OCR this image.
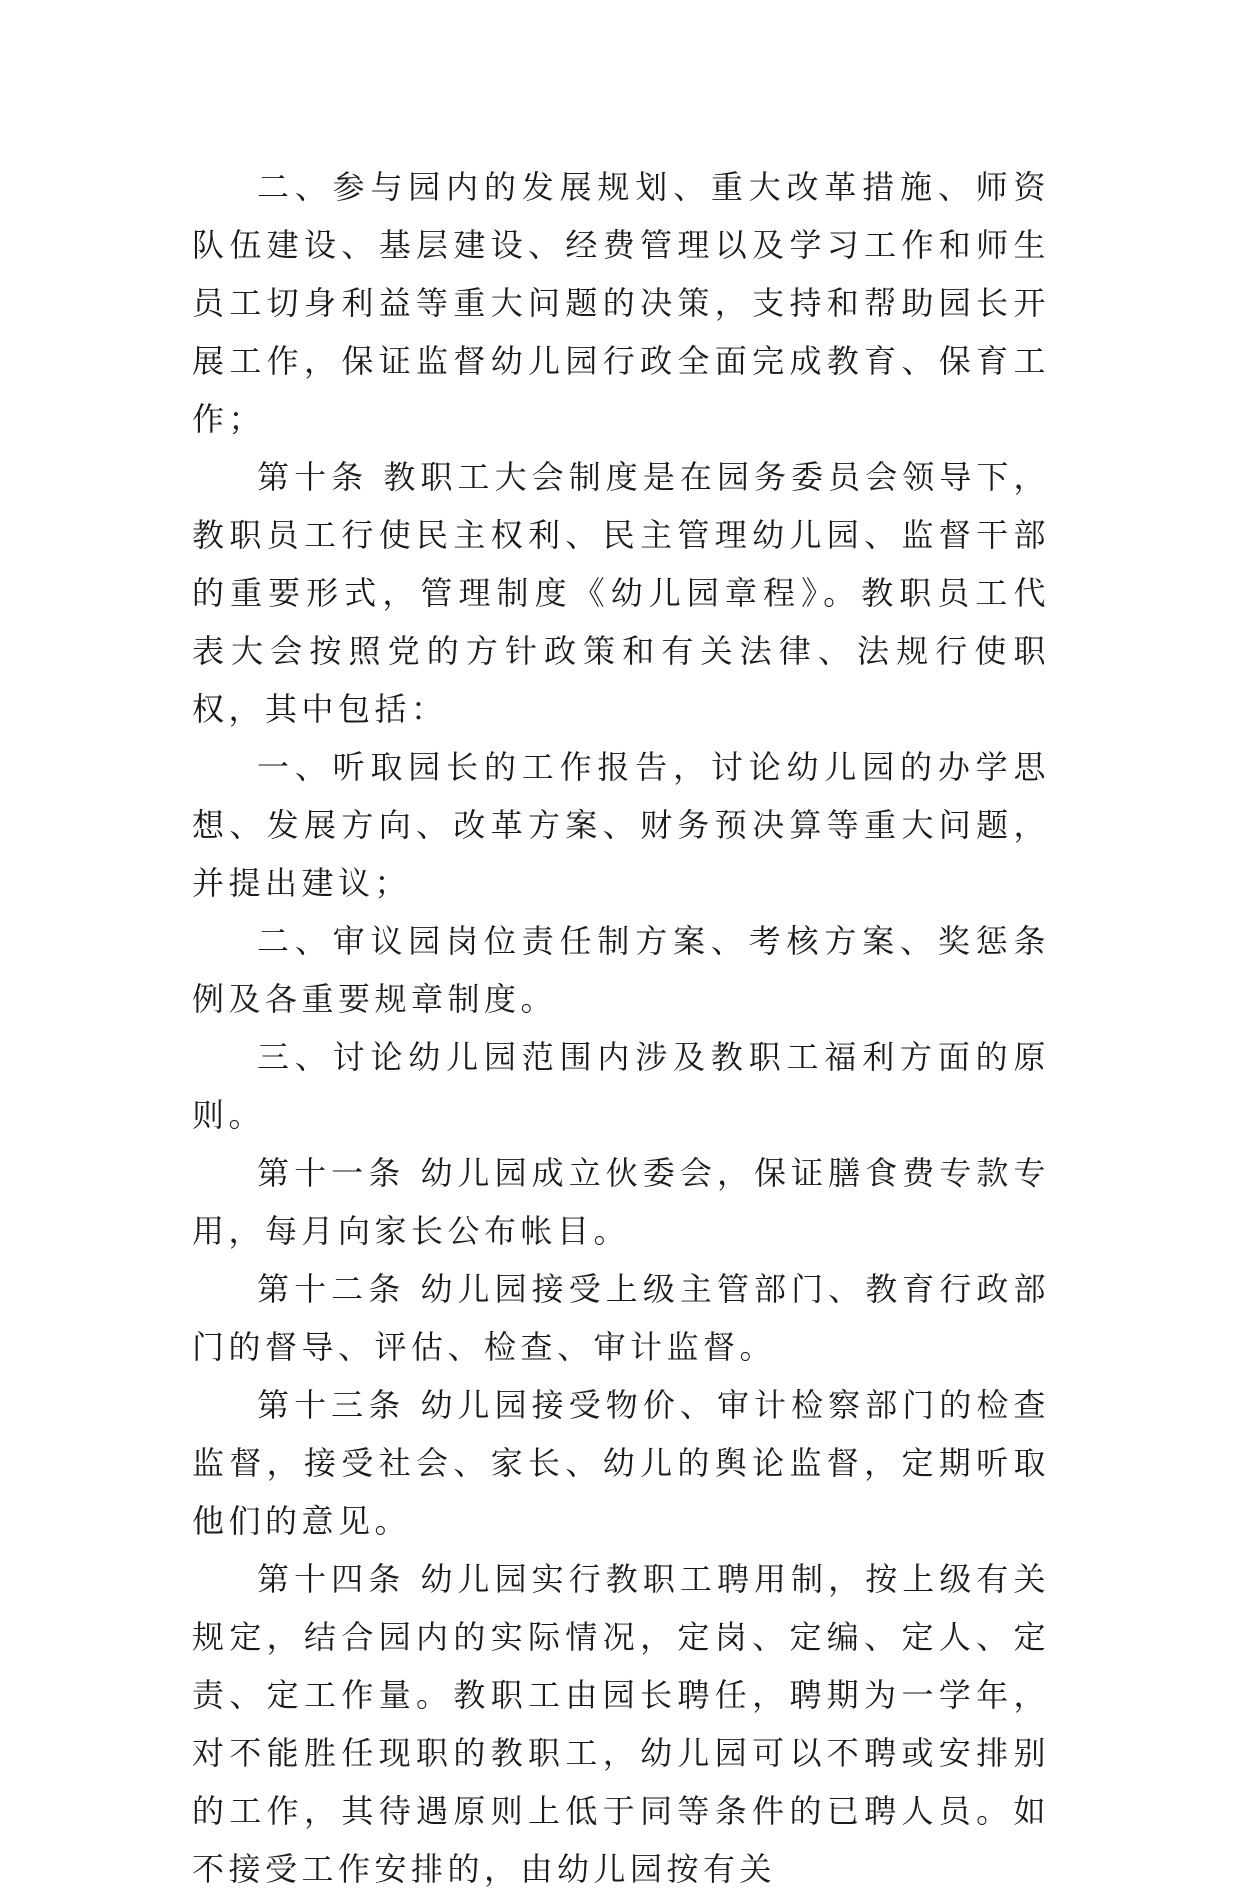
二、参与园内的发展规划、重大改革措施、师资队伍建设、基层建设、经费管理以及学习工作和师生员工切身利益等重大问题的决策，支持和帮助园长开展工作，保证监督幼儿园行政全面完成教育、保育工作；

第十条 教职工大会制度是在园务委员会领导下，教职员工行使民主权利、民主管理幼儿园、监督干部的重要形式，管理制度《幼儿园章程》。教职员工代表大会按照党的方针政策和有关法律、法规行使职权，其中包括：

一、听取园长的工作报告，讨论幼儿园的办学思想、发展方向、改革方案、财务预决算等重大问题，并提出建议；

二、审议园岗位责任制方案、考核方案、奖惩条例及各重要规章制度。

三、讨论幼儿园范围内涉及教职工福利方面的原则。

第十一条 幼儿园成立伙委会，保证膳食费专款专用，每月向家长公布帐目。

第十二条 幼儿园接受上级主管部门、教育行政部门的督导、评估、检查、审计监督。

第十三条 幼儿园接受物价、审计检察部门的检查监督，接受社会、家长、幼儿的舆论监督，定期听取他们的意见。

第十四条 幼儿园实行教职工聘用制，按上级有关规定，结合园内的实际情况，定岗、定编、定人、定责、定工作量。教职工由园长聘任，聘期为一学年，对不能胜任现职的教职工，幼儿园可以不聘或安排别的工作，其待遇原则上低于同等条件的已聘人员。如不接受工作安排的，由幼儿园按有关
